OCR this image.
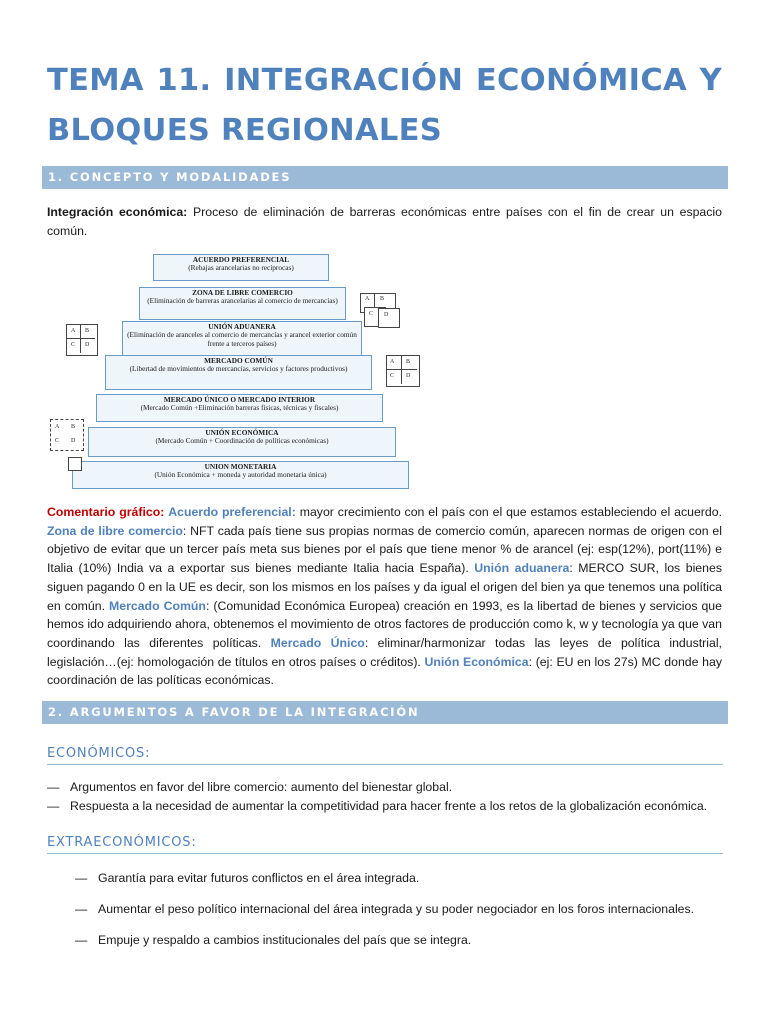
TEMA 11. INTEGRACIÓN ECONÓMICA Y BLOQUES REGIONALES
1. CONCEPTO Y MODALIDADES
Integración económica: Proceso de eliminación de barreras económicas entre países con el fin de crear un espacio común.
ACUERDO PREFERENCIAL
(Rebajas arancelarias no recíprocas)
ZONA DE LIBRE COMERCIO
(Eliminación de barreras arancelarias al comercio de mercancías)
UNIÓN ADUANERA
(Eliminación de aranceles al comercio de mercancías y arancel exterior común frente a terceros países)
MERCADO COMÚN
(Libertad de movimientos de mercancías, servicios y factores productivos)
MERCADO ÚNICO O MERCADO INTERIOR
(Mercado Común +Eliminación barreras físicas, técnicas y fiscales)
UNIÓN ECONÓMICA
(Mercado Común + Coordinación de políticas económicas)
UNION MONETARIA
(Unión Económica + moneda y autoridad monetaria única)
A B
C D
A B
C D
A B
C D
A B
C D
Comentario gráfico: Acuerdo preferencial: mayor crecimiento con el país con el que estamos estableciendo el acuerdo. Zona de libre comercio: NFT cada país tiene sus propias normas de comercio común, aparecen normas de origen con el objetivo de evitar que un tercer país meta sus bienes por el país que tiene menor % de arancel (ej: esp(12%), port(11%) e Italia (10%) India va a exportar sus bienes mediante Italia hacia España). Unión aduanera: MERCO SUR, los bienes siguen pagando 0 en la UE es decir, son los mismos en los países y da igual el origen del bien ya que tenemos una política en común. Mercado Común: (Comunidad Económica Europea) creación en 1993, es la libertad de bienes y servicios que hemos ido adquiriendo ahora, obtenemos el movimiento de otros factores de producción como k, w y tecnología ya que van coordinando las diferentes políticas. Mercado Único: eliminar/harmonizar todas las leyes de política industrial, legislación…(ej: homologación de títulos en otros países o créditos). Unión Económica: (ej: EU en los 27s) MC donde hay coordinación de las políticas económicas.
2. ARGUMENTOS A FAVOR DE LA INTEGRACIÓN
ECONÓMICOS:
— Argumentos en favor del libre comercio: aumento del bienestar global.
— Respuesta a la necesidad de aumentar la competitividad para hacer frente a los retos de la globalización económica.
EXTRAECONÓMICOS:
— Garantía para evitar futuros conflictos en el área integrada.
— Aumentar el peso político internacional del área integrada y su poder negociador en los foros internacionales.
— Empuje y respaldo a cambios institucionales del país que se integra.
